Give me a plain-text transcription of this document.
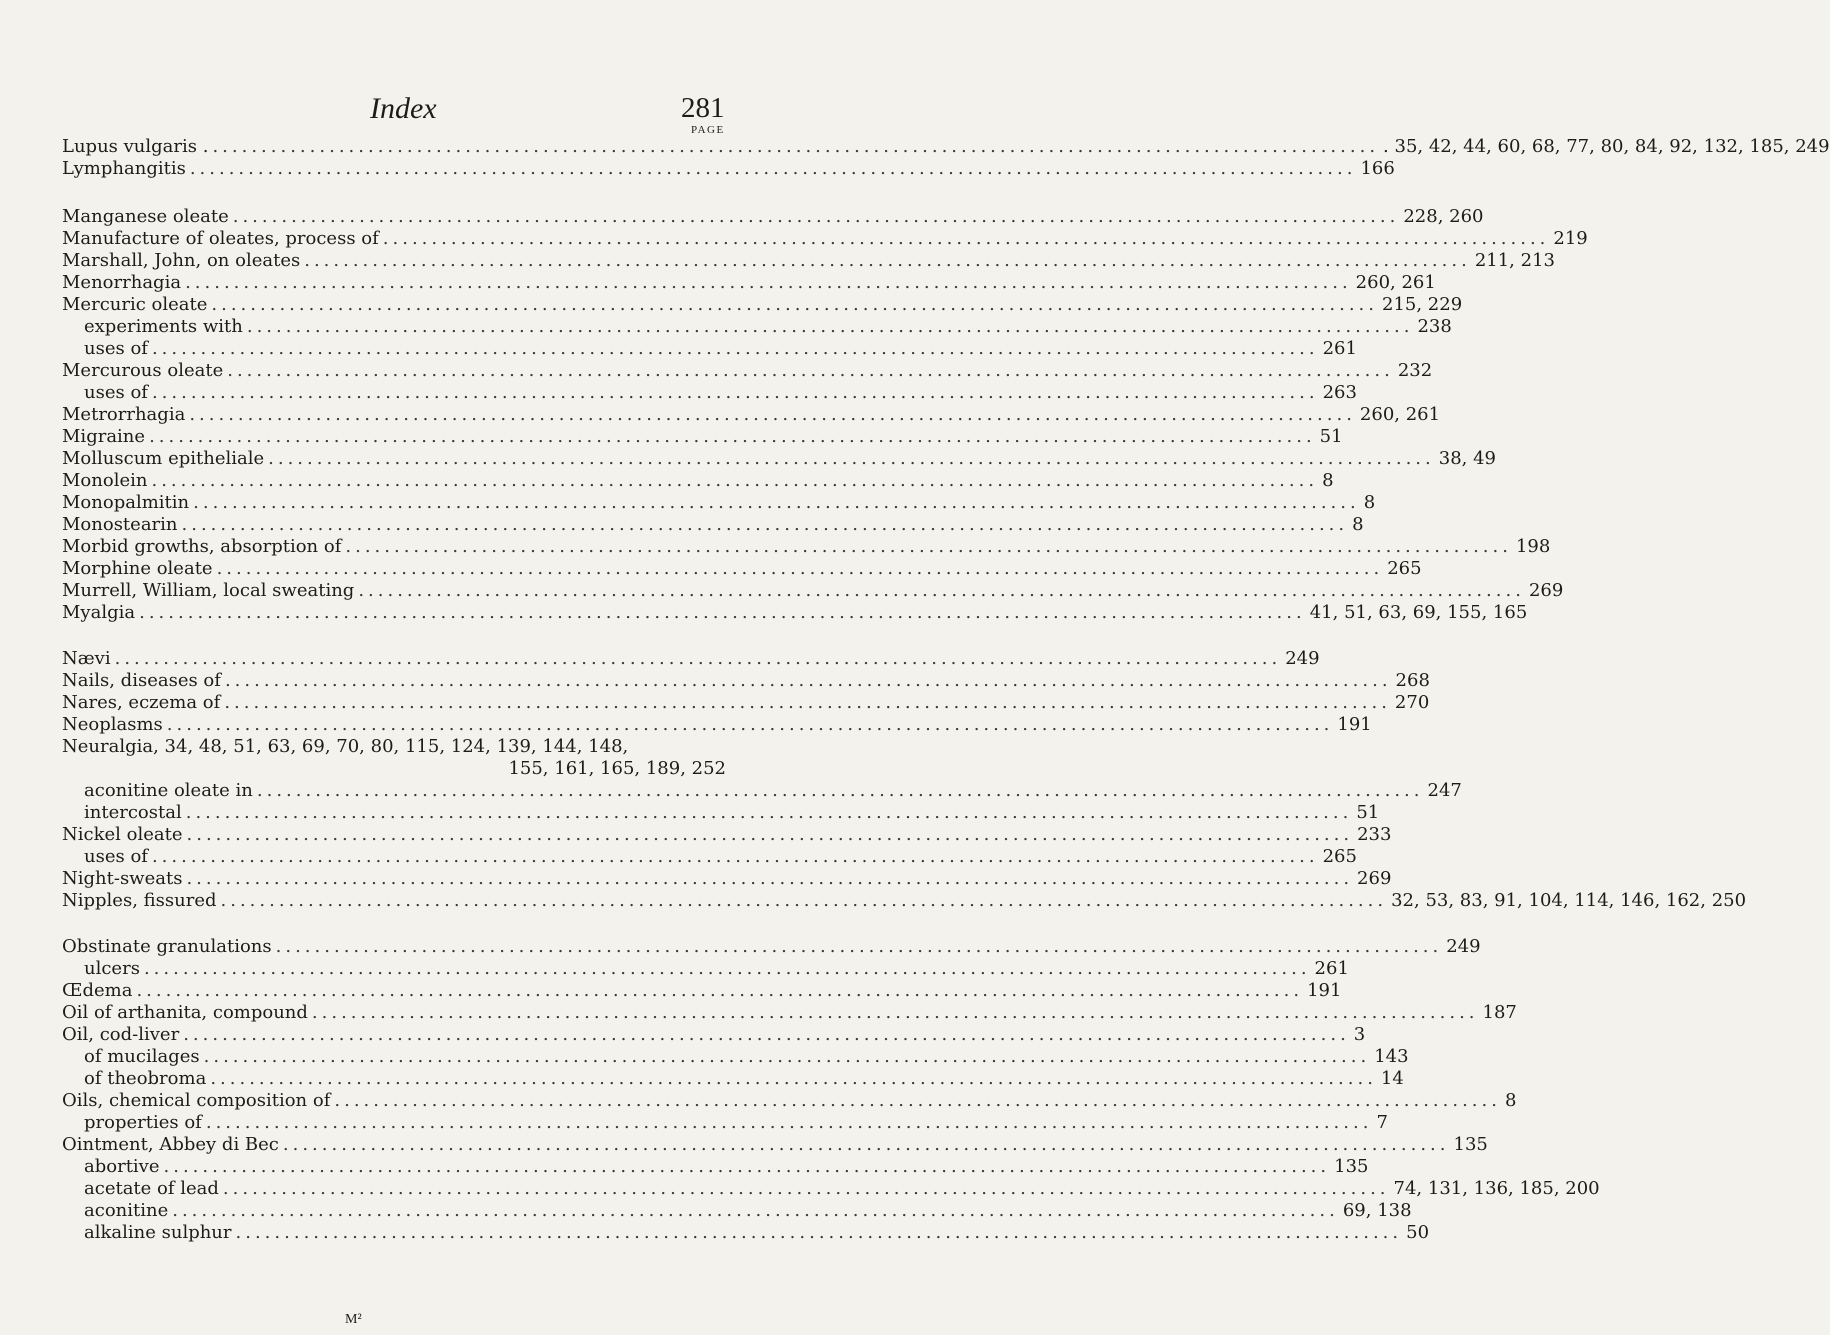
Index	281
PAGE
Lupus vulgaris . ........................................................................................................................ . 35, 42, 44, 60, 68, 77, 80, 84, 92, 132, 185, 249
Lymphangitis ........................................................................................................................ 166
Manganese oleate ........................................................................................................................ 228, 260
Manufacture of oleates, process of ........................................................................................................................ 219
Marshall, John, on oleates ........................................................................................................................ 211, 213
Menorrhagia ........................................................................................................................ 260, 261
Mercuric oleate ........................................................................................................................ 215, 229
experiments with ........................................................................................................................ 238
uses of ........................................................................................................................ 261
Mercurous oleate ........................................................................................................................ 232
uses of ........................................................................................................................ 263
Metrorrhagia ........................................................................................................................ 260, 261
Migraine ........................................................................................................................ 51
Molluscum epitheliale ........................................................................................................................ 38, 49
Monolein ........................................................................................................................ 8
Monopalmitin ........................................................................................................................ 8
Monostearin ........................................................................................................................ 8
Morbid growths, absorption of ........................................................................................................................ 198
Morphine oleate ........................................................................................................................ 265
Murrell, William, local sweating ........................................................................................................................ 269
Myalgia ........................................................................................................................ 41, 51, 63, 69, 155, 165
Nævi ........................................................................................................................ 249
Nails, diseases of ........................................................................................................................ 268
Nares, eczema of ........................................................................................................................ 270
Neoplasms ........................................................................................................................ 191
Neuralgia, 34, 48, 51, 63, 69, 70, 80, 115, 124, 139, 144, 148,
155, 161, 165, 189, 252
aconitine oleate in ........................................................................................................................ 247
intercostal ........................................................................................................................ 51
Nickel oleate ........................................................................................................................ 233
uses of ........................................................................................................................ 265
Night-sweats ........................................................................................................................ 269
Nipples, fissured ........................................................................................................................ 32, 53, 83, 91, 104, 114, 146, 162, 250
Obstinate granulations ........................................................................................................................ 249
ulcers ........................................................................................................................ 261
Œdema ........................................................................................................................ 191
Oil of arthanita, compound ........................................................................................................................ 187
Oil, cod-liver ........................................................................................................................ 3
of mucilages ........................................................................................................................ 143
of theobroma ........................................................................................................................ 14
Oils, chemical composition of ........................................................................................................................ 8
properties of ........................................................................................................................ 7
Ointment, Abbey di Bec ........................................................................................................................ 135
abortive ........................................................................................................................ 135
acetate of lead ........................................................................................................................ 74, 131, 136, 185, 200
aconitine ........................................................................................................................ 69, 138
alkaline sulphur ........................................................................................................................ 50
M²
